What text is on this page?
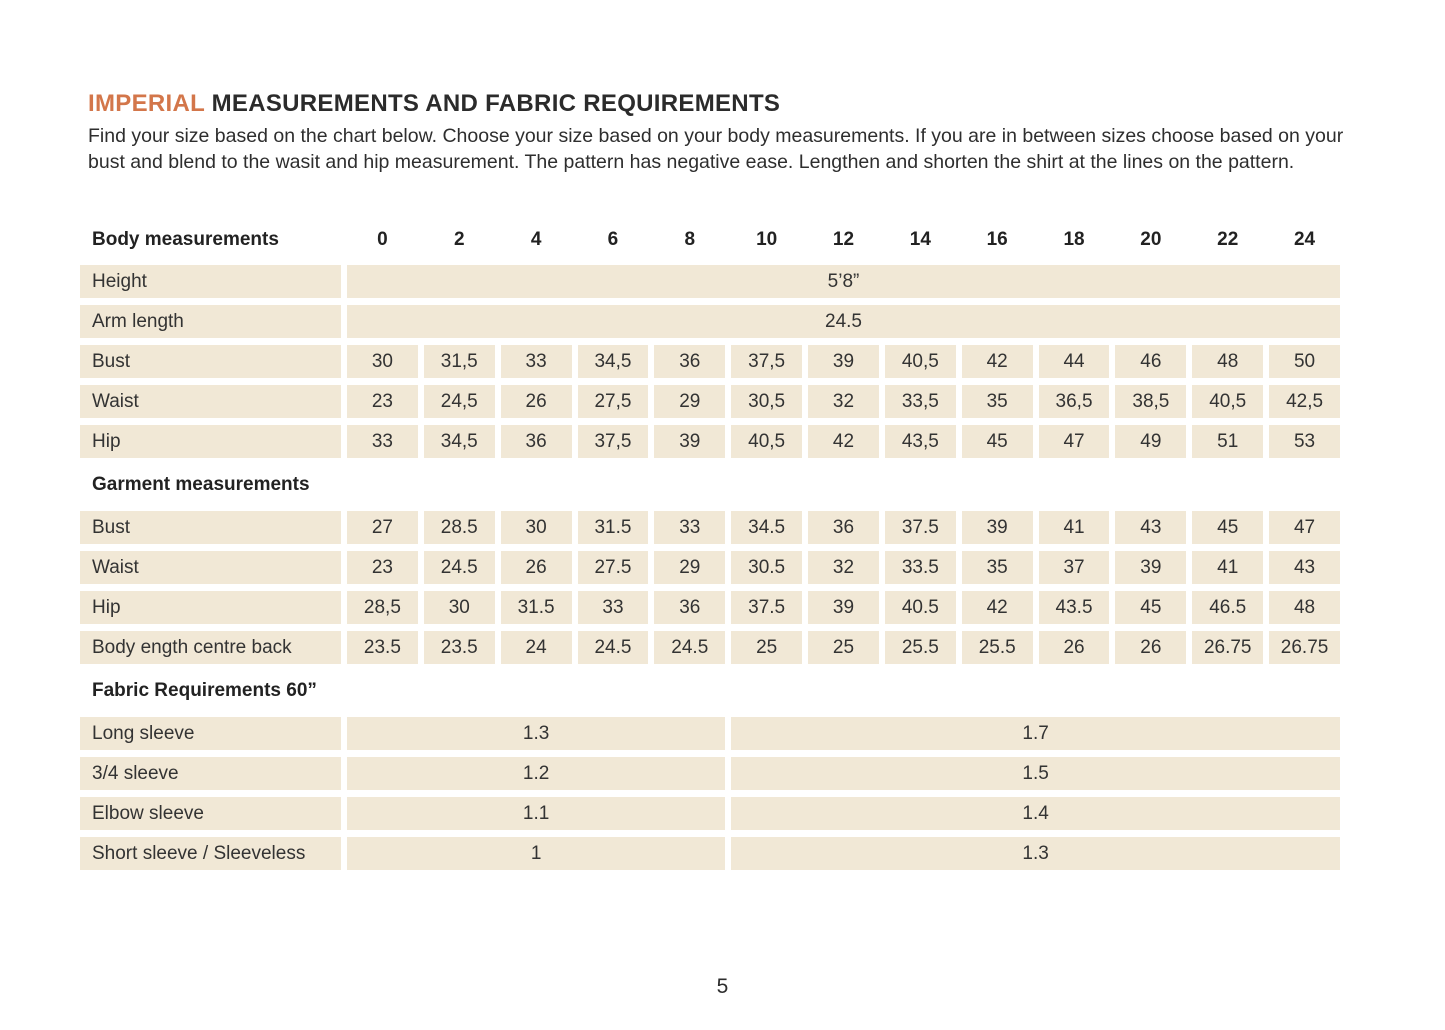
IMPERIAL MEASUREMENTS AND FABRIC REQUIREMENTS
Find your size based on the chart below. Choose your size based on your body measurements. If you are in between sizes choose based on your bust and blend to the wasit and hip measurement. The pattern has negative ease. Lengthen and shorten the shirt at the lines on the pattern.
Body measurements	0	2	4	6	8	10	12	14	16	18	20	22	24
Height	5’8”
Arm length	24.5
Bust	30	31,5	33	34,5	36	37,5	39	40,5	42	44	46	48	50
Waist	23	24,5	26	27,5	29	30,5	32	33,5	35	36,5	38,5	40,5	42,5
Hip	33	34,5	36	37,5	39	40,5	42	43,5	45	47	49	51	53
Garment measurements
Bust	27	28.5	30	31.5	33	34.5	36	37.5	39	41	43	45	47
Waist	23	24.5	26	27.5	29	30.5	32	33.5	35	37	39	41	43
Hip	28,5	30	31.5	33	36	37.5	39	40.5	42	43.5	45	46.5	48
Body ength centre back	23.5	23.5	24	24.5	24.5	25	25	25.5	25.5	26	26	26.75	26.75
Fabric Requirements 60”
Long sleeve	1.3	1.7
3/4 sleeve	1.2	1.5
Elbow sleeve	1.1	1.4
Short sleeve / Sleeveless	1	1.3
5
